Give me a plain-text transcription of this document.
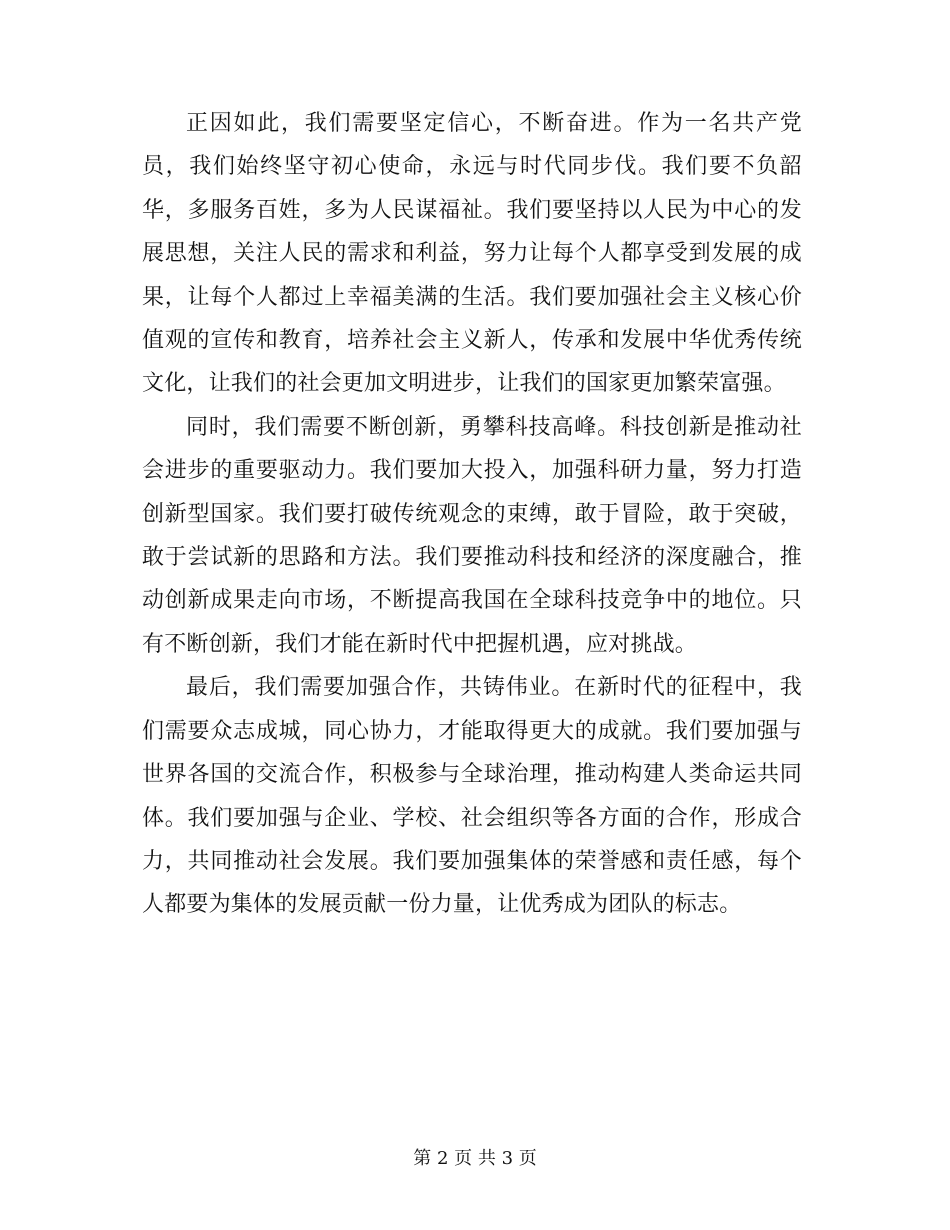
正因如此，我们需要坚定信心，不断奋进。作为一名共产党员，我们始终坚守初心使命，永远与时代同步伐。我们要不负韶华，多服务百姓，多为人民谋福祉。我们要坚持以人民为中心的发展思想，关注人民的需求和利益，努力让每个人都享受到发展的成果，让每个人都过上幸福美满的生活。我们要加强社会主义核心价值观的宣传和教育，培养社会主义新人，传承和发展中华优秀传统文化，让我们的社会更加文明进步，让我们的国家更加繁荣富强。

同时，我们需要不断创新，勇攀科技高峰。科技创新是推动社会进步的重要驱动力。我们要加大投入，加强科研力量，努力打造创新型国家。我们要打破传统观念的束缚，敢于冒险，敢于突破，敢于尝试新的思路和方法。我们要推动科技和经济的深度融合，推动创新成果走向市场，不断提高我国在全球科技竞争中的地位。只有不断创新，我们才能在新时代中把握机遇，应对挑战。

最后，我们需要加强合作，共铸伟业。在新时代的征程中，我们需要众志成城，同心协力，才能取得更大的成就。我们要加强与世界各国的交流合作，积极参与全球治理，推动构建人类命运共同体。我们要加强与企业、学校、社会组织等各方面的合作，形成合力，共同推动社会发展。我们要加强集体的荣誉感和责任感，每个人都要为集体的发展贡献一份力量，让优秀成为团队的标志。

第 2 页 共 3 页
